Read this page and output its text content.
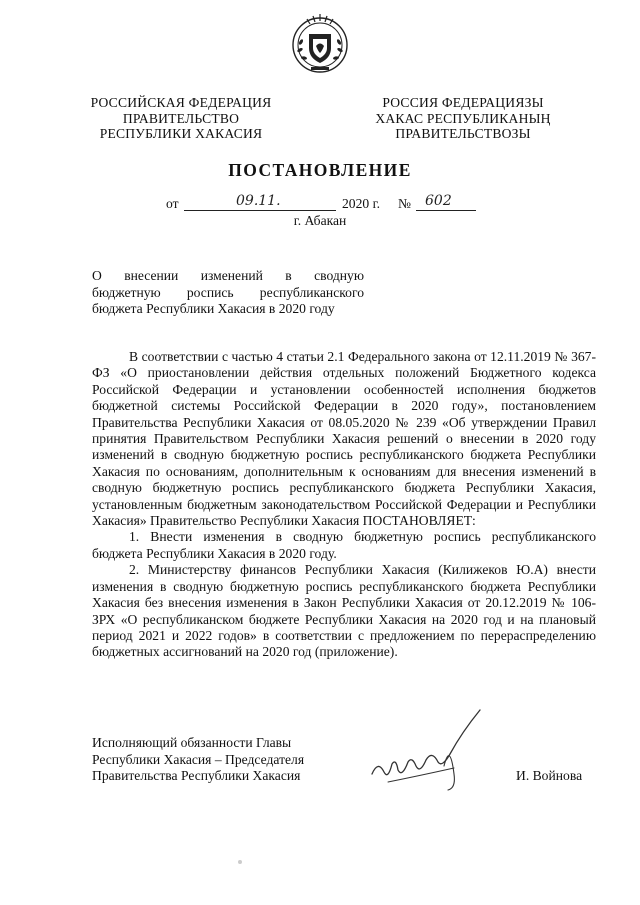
РОССИЙСКАЯ ФЕДЕРАЦИЯ
ПРАВИТЕЛЬСТВО
РЕСПУБЛИКИ ХАКАСИЯ
РОССИЯ ФЕДЕРАЦИЯЗЫ
ХАКАС РЕСПУБЛИКАНЫҢ
ПРАВИТЕЛЬСТВОЗЫ
ПОСТАНОВЛЕНИЕ
от	09.11.	2020 г. № 602
г. Абакан
О внесении изменений в сводную
бюджетную роспись республиканского
бюджета Республики Хакасия в 2020 году

В соответствии с частью 4 статьи 2.1 Федерального закона от 12.11.2019 № 367-ФЗ «О приостановлении действия отдельных положений Бюджетного кодекса Российской Федерации и установлении особенностей исполнения бюджетов бюджетной системы Российской Федерации в 2020 году», постановлением Правительства Республики Хакасия от 08.05.2020 № 239 «Об утверждении Правил принятия Правительством Республики Хакасия решений о внесении в 2020 году изменений в сводную бюджетную роспись республиканского бюджета Республики Хакасия по основаниям, дополнительным к основаниям для внесения изменений в сводную бюджетную роспись республиканского бюджета Республики Хакасия, установленным бюджетным законодательством Российской Федерации и Республики Хакасия» Правительство Республики Хакасия ПОСТАНОВЛЯЕТ:

1. Внести изменения в сводную бюджетную роспись республиканского бюджета Республики Хакасия в 2020 году.

2. Министерству финансов Республики Хакасия (Килижеков Ю.А) внести изменения в сводную бюджетную роспись республиканского бюджета Республики Хакасия без внесения изменения в Закон Республики Хакасия от 20.12.2019 № 106-ЗРХ «О республиканском бюджете Республики Хакасия на 2020 год и на плановый период 2021 и 2022 годов» в соответствии с предложением по перераспределению бюджетных ассигнований на 2020 год (приложение).

Исполняющий обязанности Главы
Республики Хакасия – Председателя
Правительства Республики Хакасия	И. Войнова
